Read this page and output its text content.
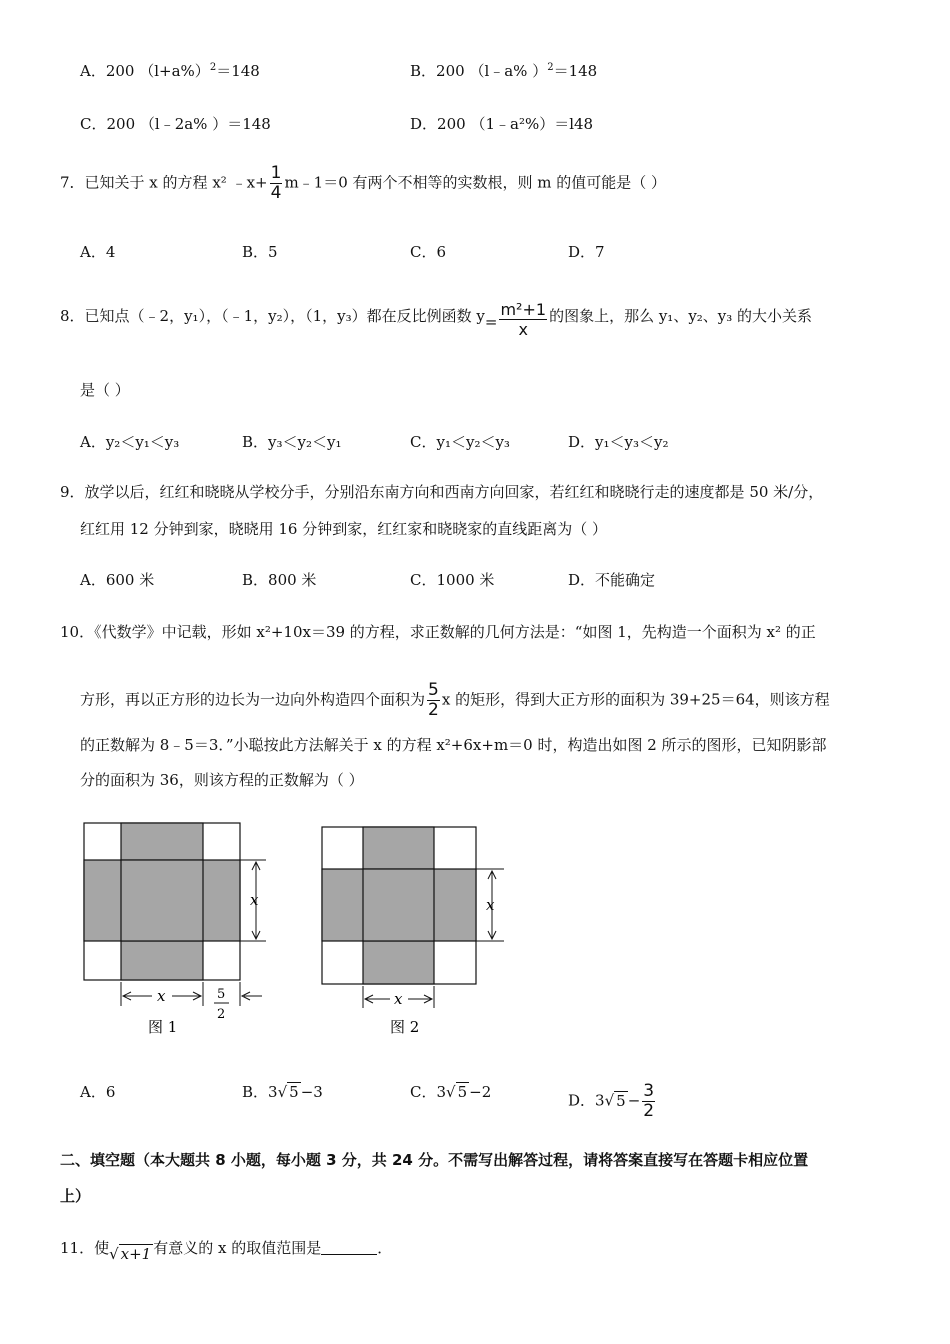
A．200 $(l+a\%)^2=148$	B．200 （l﹣a% ）$^2$＝148
C．200 （l﹣2a% ）＝148	D．200 （1﹣a²%）＝l48
7．已知关于 x 的方程 x² ﹣x+ $\frac{1}{4}$ m﹣1＝0 有两个不相等的实数根，则 m 的值可能是（ ）
A．4	B．5	C．6	D．7
8．已知点（﹣2，y₁），（﹣1，y₂），（1，y₃）都在反比例函数 $y= \frac{\text{m²+1}}{x}$ 的图象上，那么 y₁、y₂、y₃ 的大小关系
是（ ）
A．y₂＜y₁＜y₃	B．y₃＜y₂＜y₁	C．y₁＜y₂＜y₃	D．y₁＜y₃＜y₂
9．放学以后，红红和晓晓从学校分手，分别沿东南方向和西南方向回家，若红红和晓晓行走的速度都是 50 米/分，
红红用 12 分钟到家，晓晓用 16 分钟到家，红红家和晓晓家的直线距离为（ ）
A．600 米	B．800 米	C．1000 米	D．不能确定
10．《代数学》中记载，形如 x²+10x＝39 的方程，求正数解的几何方法是：“如图 1，先构造一个面积为 x² 的正
方形，再以正方形的边长为一边向外构造四个面积为 $\frac{5}{2}$ x 的矩形，得到大正方形的面积为 39+25＝64，则该方程
的正数解为 8﹣5＝3．”小聪按此方法解关于 x 的方程 x²+6x+m＝0 时，构造出如图 2 所示的图形，已知阴影部
分的面积为 36，则该方程的正数解为（ ）
x
x	5
2
图 1
x
x
图 2
A．6	B．3√ 5 −3	C．3√ 5 −2	D．3√ $5 - \frac{3}{2}$
二、填空题（本大题共 8 小题，每小题 3 分，共 24 分。不需写出解答过程，请将答案直接写在答题卡相应位置
上）
11．使√ x+1 有意义的 x 的取值范围是	．
